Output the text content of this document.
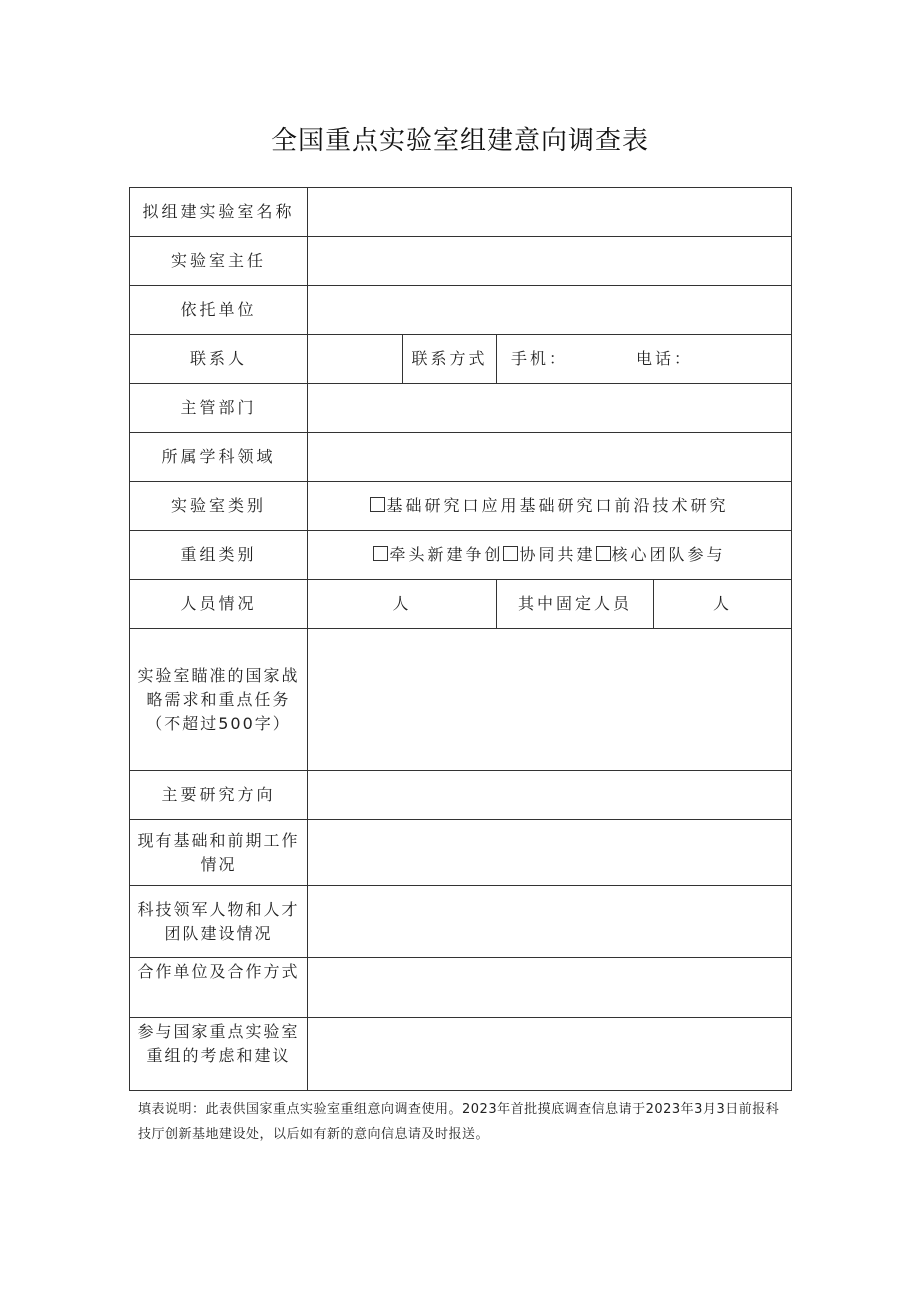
全国重点实验室组建意向调查表
拟组建实验室名称				
实验室主任				
依托单位				
联系人		联系方式	手机： 电话：	

主管部门				
所属学科领域				
实验室类别	基础研究口应用基础研究口前沿技术研究			
重组类别	牵头新建争创 协同共建 核心团队参与			
人员情况	人		其中固定人员	人
实验室瞄准的国家战略需求和重点任务（不超过500字）				
主要研究方向				
现有基础和前期工作情况				
科技领军人物和人才团队建设情况				
合作单位及合作方式				
参与国家重点实验室重组的考虑和建议				
填表说明：此表供国家重点实验室重组意向调查使用。2023年首批摸底调查信息请于2023年3月3日前报科技厅创新基地建设处，以后如有新的意向信息请及时报送。
